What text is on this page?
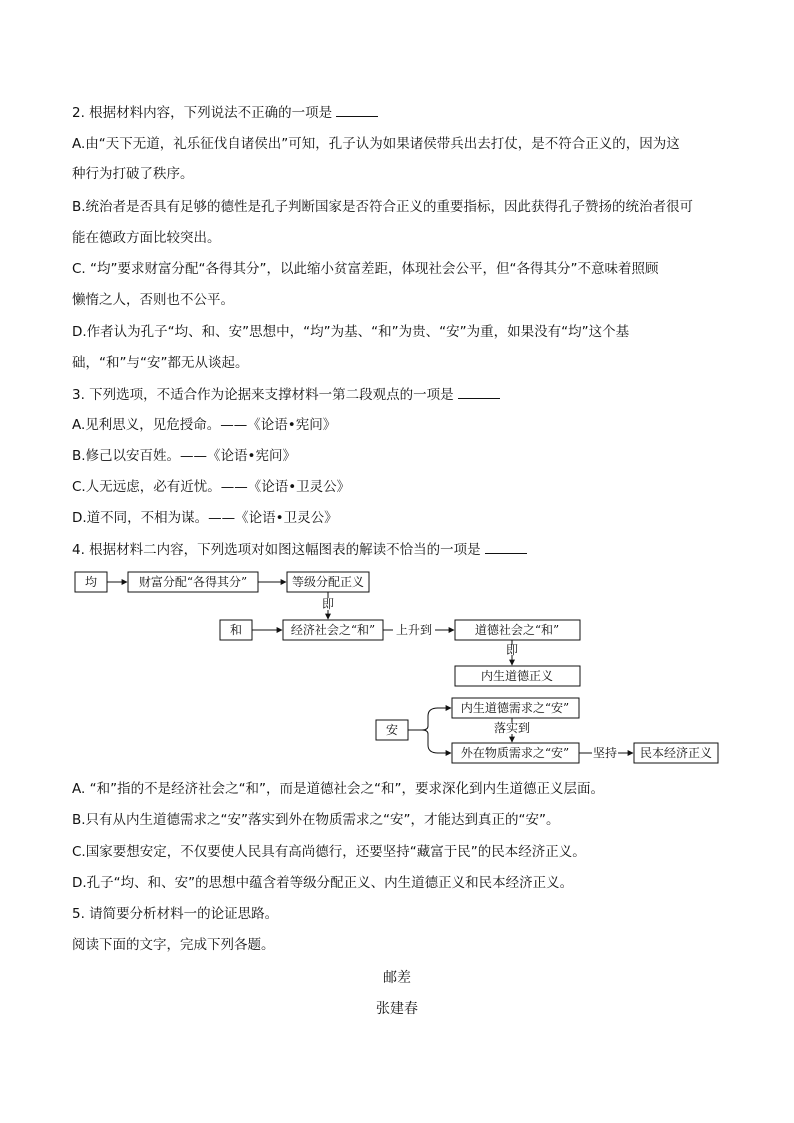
2. 根据材料内容，下列说法不正确的一项是
A.由“天下无道，礼乐征伐自诸侯出”可知，孔子认为如果诸侯带兵出去打仗，是不符合正义的，因为这
种行为打破了秩序。
B.统治者是否具有足够的德性是孔子判断国家是否符合正义的重要指标，因此获得孔子赞扬的统治者很可
能在德政方面比较突出。
C. “均”要求财富分配“各得其分”，以此缩小贫富差距，体现社会公平，但“各得其分”不意味着照顾
懒惰之人，否则也不公平。
D.作者认为孔子“均、和、安”思想中，“均”为基、“和”为贵、“安”为重，如果没有“均”这个基
础，“和”与“安”都无从谈起。
3. 下列选项，不适合作为论据来支撑材料一第二段观点的一项是
A.见利思义，见危授命。——《论语•宪问》
B.修己以安百姓。——《论语•宪问》
C.人无远虑，必有近忧。——《论语•卫灵公》
D.道不同，不相为谋。——《论语•卫灵公》
4. 根据材料二内容，下列选项对如图这幅图表的解读不恰当的一项是
均	财富分配“各得其分”	等级分配正义
即
和	经济社会之“和” 上升到	道德社会之“和”
即
内生道德正义
安
内生道德需求之“安”
落实到
外在物质需求之“安” 坚持 民本经济正义
A. “和”指的不是经济社会之“和”，而是道德社会之“和”，要求深化到内生道德正义层面。
B.只有从内生道德需求之“安”落实到外在物质需求之“安”，才能达到真正的“安”。
C.国家要想安定，不仅要使人民具有高尚德行，还要坚持“藏富于民”的民本经济正义。
D.孔子“均、和、安”的思想中蕴含着等级分配正义、内生道德正义和民本经济正义。
5. 请简要分析材料一的论证思路。
阅读下面的文字，完成下列各题。
邮差
张建春
